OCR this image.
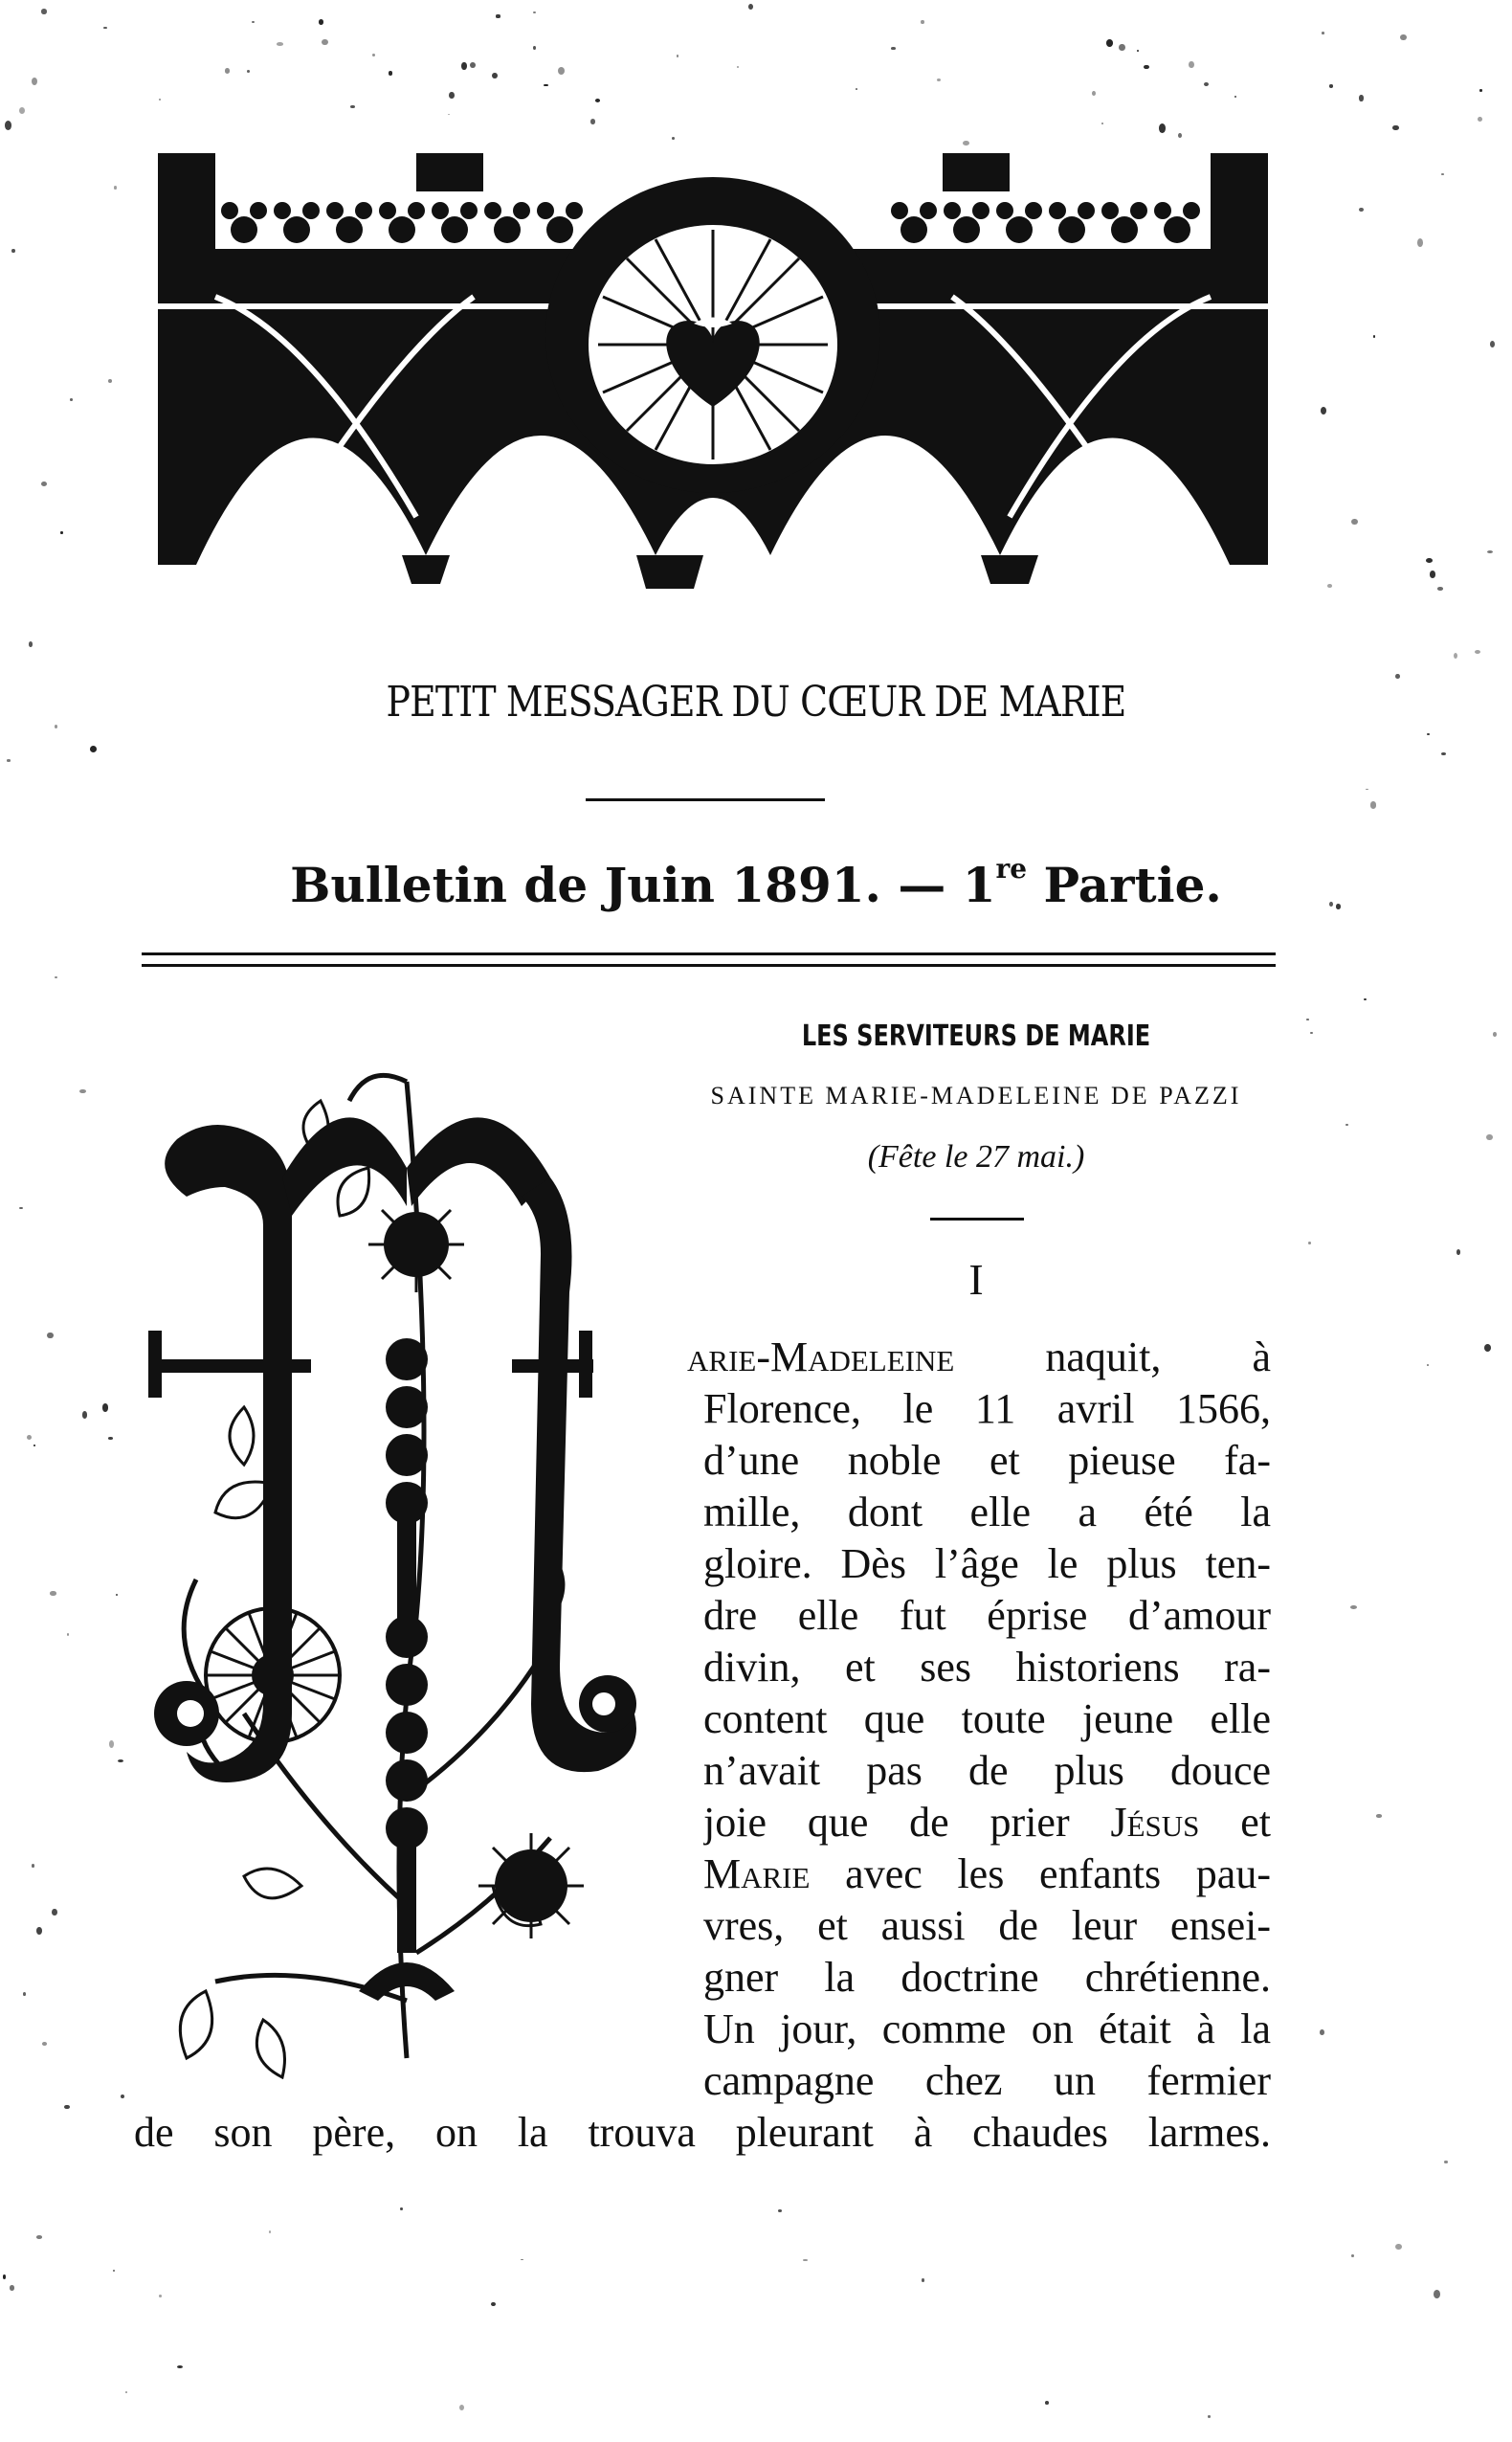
PETIT MESSAGER DU CŒUR DE MARIE
Bulletin de Juin 1891. — 1re Partie.
LES SERVITEURS DE MARIE
SAINTE MARIE-MADELEINE DE PAZZI
(Fête le 27 mai.)
I
arie-Madeleine naquit, à
Florence, le 11 avril 1566,
d’une noble et pieuse fa-
mille, dont elle a été la
gloire. Dès l’âge le plus ten-
dre elle fut éprise d’amour
divin, et ses historiens ra-
content que toute jeune elle
n’avait pas de plus douce
joie que de prier Jésus et
Marie avec les enfants pau-
vres, et aussi de leur ensei-
gner la doctrine chrétienne.
Un jour, comme on était à la
campagne chez un fermier
de son père, on la trouva pleurant à chaudes larmes.
